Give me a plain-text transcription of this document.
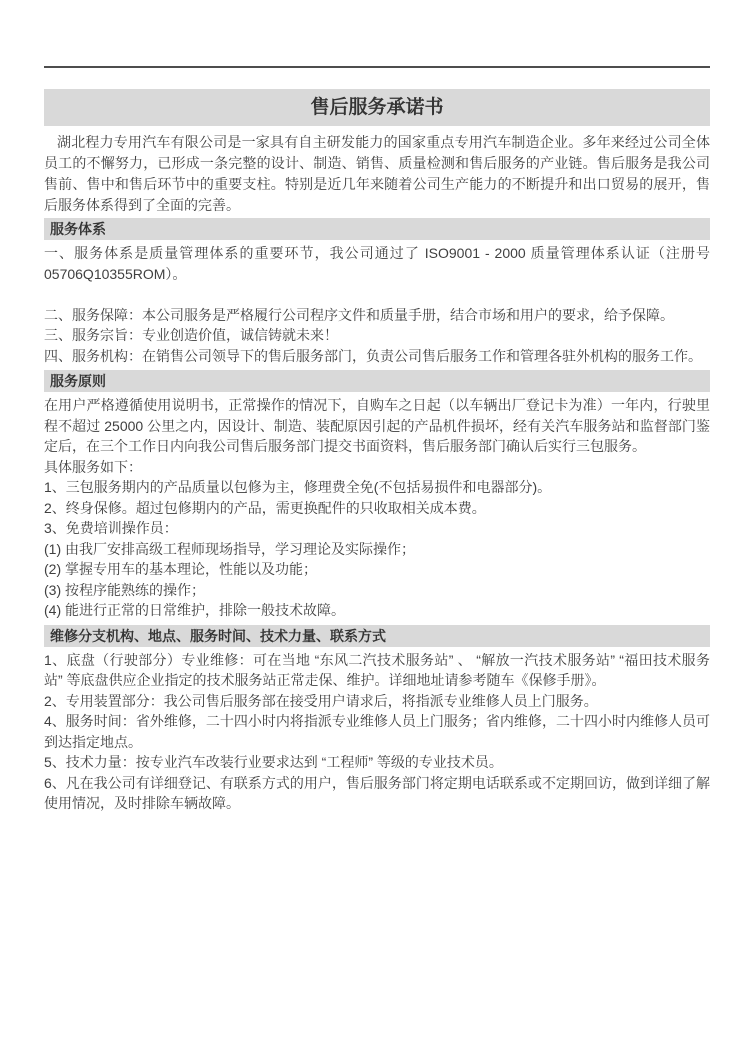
售后服务承诺书

湖北程力专用汽车有限公司是一家具有自主研发能力的国家重点专用汽车制造企业。多年来经过公司全体员工的不懈努力，已形成一条完整的设计、制造、销售、质量检测和售后服务的产业链。售后服务是我公司售前、售中和售后环节中的重要支柱。特别是近几年来随着公司生产能力的不断提升和出口贸易的展开，售后服务体系得到了全面的完善。

服务体系

一、服务体系是质量管理体系的重要环节，我公司通过了 ISO9001 - 2000 质量管理体系认证（注册号 05706Q10355ROM）。

二、服务保障：本公司服务是严格履行公司程序文件和质量手册，结合市场和用户的要求，给予保障。

三、服务宗旨：专业创造价值，诚信铸就未来！

四、服务机构：在销售公司领导下的售后服务部门，负责公司售后服务工作和管理各驻外机构的服务工作。

服务原则

在用户严格遵循使用说明书，正常操作的情况下，自购车之日起（以车辆出厂登记卡为准）一年内，行驶里程不超过 25000 公里之内，因设计、制造、装配原因引起的产品机件损坏，经有关汽车服务站和监督部门鉴定后，在三个工作日内向我公司售后服务部门提交书面资料，售后服务部门确认后实行三包服务。

具体服务如下：

1、三包服务期内的产品质量以包修为主，修理费全免(不包括易损件和电器部分)。

2、终身保修。超过包修期内的产品，需更换配件的只收取相关成本费。

3、免费培训操作员：

(1) 由我厂安排高级工程师现场指导，学习理论及实际操作；

(2) 掌握专用车的基本理论，性能以及功能；

(3) 按程序能熟练的操作；

(4) 能进行正常的日常维护，排除一般技术故障。

维修分支机构、地点、服务时间、技术力量、联系方式

1、底盘（行驶部分）专业维修：可在当地 “东风二汽技术服务站” 、 “解放一汽技术服务站” “福田技术服务站” 等底盘供应企业指定的技术服务站正常走保、维护。详细地址请参考随车《保修手册》。

2、专用装置部分：我公司售后服务部在接受用户请求后，将指派专业维修人员上门服务。

4、服务时间：省外维修，二十四小时内将指派专业维修人员上门服务；省内维修，二十四小时内维修人员可到达指定地点。

5、技术力量：按专业汽车改装行业要求达到 “工程师” 等级的专业技术员。

6、凡在我公司有详细登记、有联系方式的用户，售后服务部门将定期电话联系或不定期回访，做到详细了解使用情况，及时排除车辆故障。
